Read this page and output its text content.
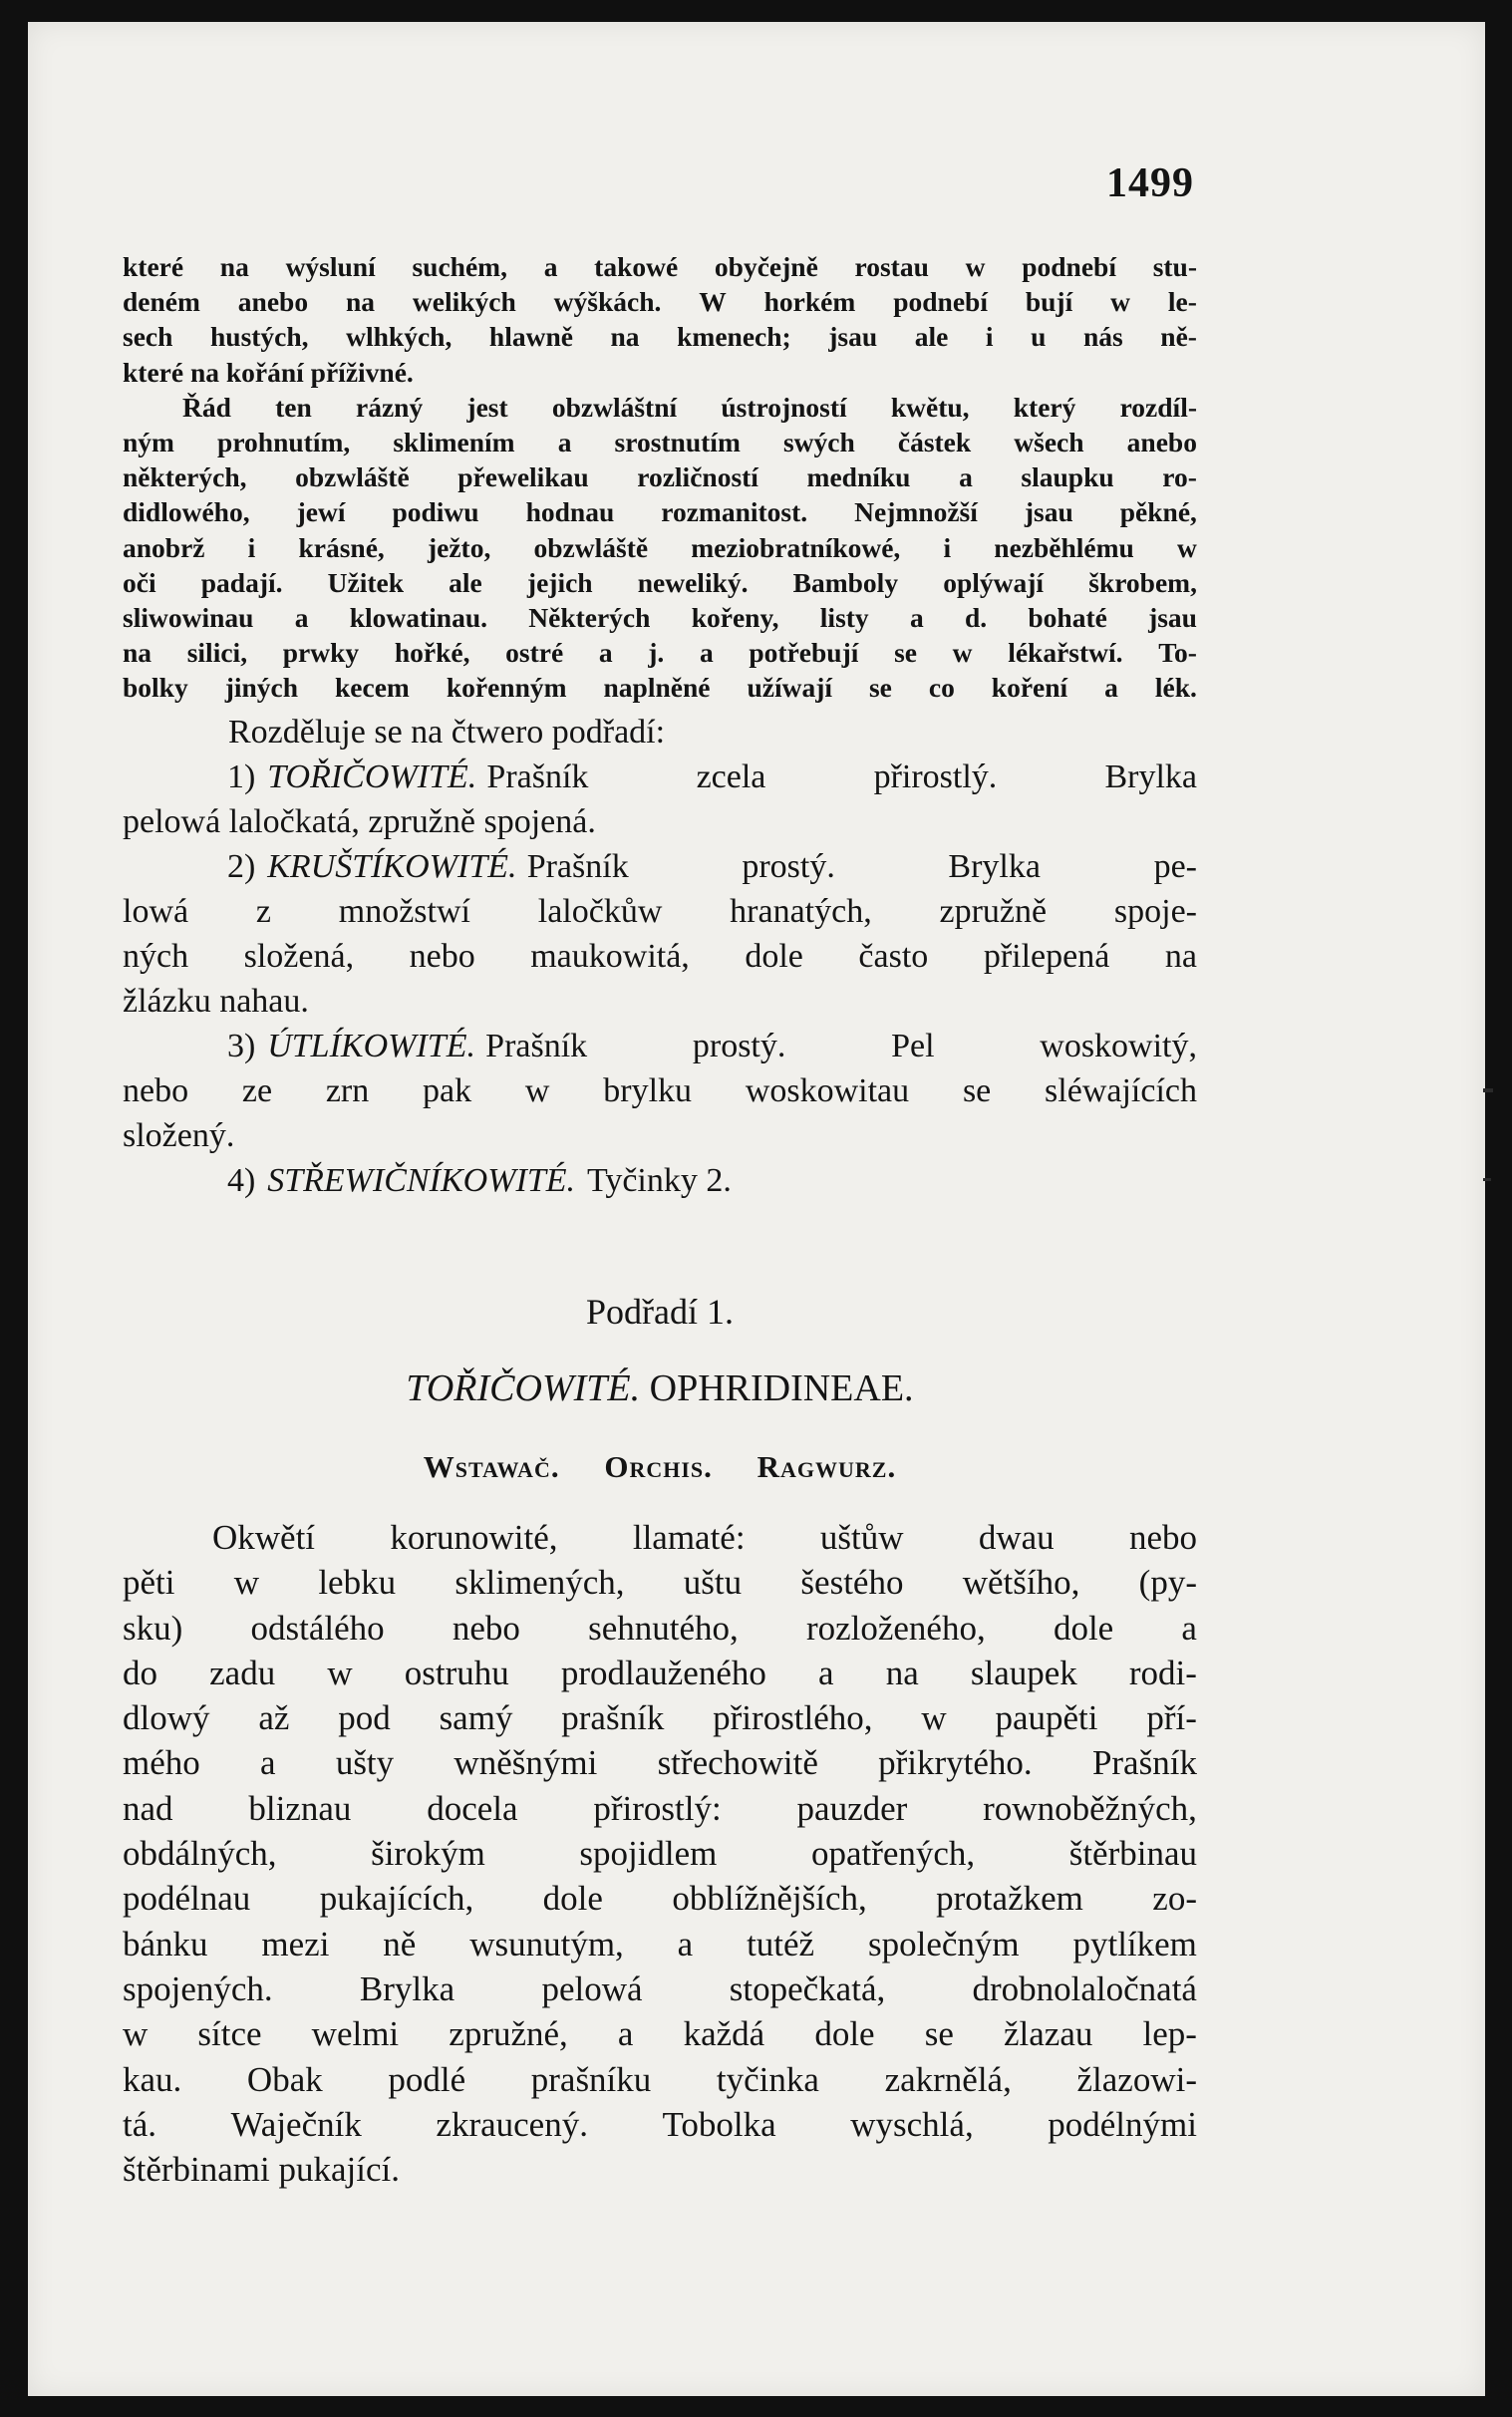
1499
které na wýsluní suchém, a takowé obyčejně rostau w podnebí stu-
deném anebo na welikých wýškách. W horkém podnebí bují w le-
sech hustých, wlhkých, hlawně na kmenech; jsau ale i u nás ně-
které na kořání příživné.
Řád ten rázný jest obzwláštní ústrojností kwětu, který rozdíl-
ným prohnutím, sklimením a srostnutím swých částek wšech anebo
některých, obzwláště přewelikau rozličností medníku a slaupku ro-
didlowého, jewí podiwu hodnau rozmanitost. Nejmnožší jsau pěkné,
anobrž i krásné, ježto, obzwláště meziobratníkowé, i nezběhlému w
oči padají. Užitek ale jejich neweliký. Bamboly oplýwají škrobem,
sliwowinau a klowatinau. Některých kořeny, listy a d. bohaté jsau
na silici, prwky hořké, ostré a j. a potřebují se w lékařstwí. To-
bolky jiných kecem kořenným naplněné užíwají se co koření a lék.
Rozděluje se na čtwero podřadí:
1) TOŘIČOWITÉ. Prašník	zcela	přirostlý.	Brylka
pelowá laločkatá, zpružně spojená.
2) KRUŠTÍKOWITÉ. Prašník	prostý.	Brylka	pe-
lowá z množstwí laločkůw hranatých, zpružně spoje-
ných složená, nebo maukowitá, dole často přilepená na
žlázku nahau.
3) ÚTLÍKOWITÉ. Prašník	prostý.	Pel	woskowitý,
nebo ze zrn pak w brylku woskowitau se sléwajících
složený.
4) STŘEWIČNÍKOWITÉ. Tyčinky 2.
Podřadí 1.
TOŘIČOWITÉ. OPHRIDINEAE.
Wstawač. Orchis. Ragwurz.
Okwětí korunowité, llamaté: uštůw dwau nebo
pěti w lebku sklimených, uštu šestého wětšího, (py-
sku) odstálého nebo sehnutého, rozloženého, dole a
do zadu w ostruhu prodlauženého a na slaupek rodi-
dlowý až pod samý prašník přirostlého, w paupěti pří-
mého a ušty wněšnými střechowitě přikrytého. Prašník
nad bliznau docela přirostlý: pauzder rownoběžných,
obdálných,	širokým	spojidlem	opatřených,	štěrbinau
podélnau pukajících, dole obblížnějších, protažkem zo-
bánku mezi ně wsunutým, a tutéž společným pytlíkem
spojených. Brylka pelowá stopečkatá, drobnolaločnatá
w sítce welmi zpružné, a každá dole se žlazau lep-
kau. Obak podlé prašníku tyčinka zakrnělá, žlazowi-
tá. Waječník zkraucený. Tobolka wyschlá, podélnými
štěrbinami pukající.
